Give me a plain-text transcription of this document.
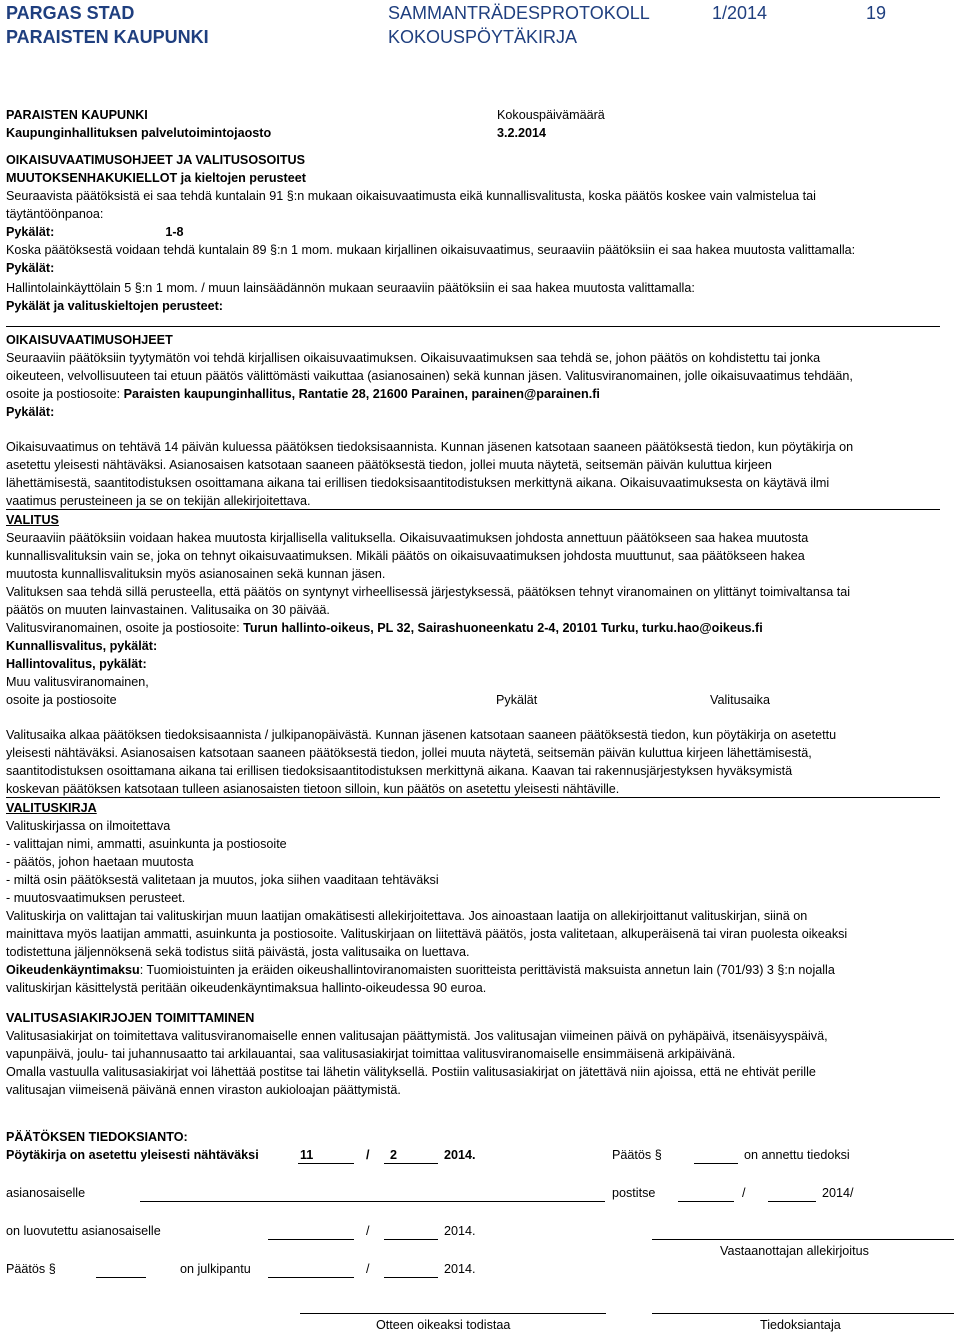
PARGAS STAD
PARAISTEN KAUPUNKI
SAMMANTRÄDESPROTOKOLL
KOKOUSPÖYTÄKIRJA
1/2014	19
PARAISTEN KAUPUNKI
Kaupunginhallituksen palvelutoimintojaosto
Kokouspäivämäärä
3.2.2014
OIKAISUVAATIMUSOHJEET JA VALITUSOSOITUS
MUUTOKSENHAKUKIELLOT ja kieltojen perusteet
Seuraavista päätöksistä ei saa tehdä kuntalain 91 §:n mukaan oikaisuvaatimusta eikä kunnallisvalitusta, koska päätös koskee vain valmistelua tai
täytäntöönpanoa:
Pykälät:	1-8
Koska päätöksestä voidaan tehdä kuntalain 89 §:n 1 mom. mukaan kirjallinen oikaisuvaatimus, seuraaviin päätöksiin ei saa hakea muutosta valittamalla:
Pykälät:
Hallintolainkäyttölain 5 §:n 1 mom. / muun lainsäädännön mukaan seuraaviin päätöksiin ei saa hakea muutosta valittamalla:
Pykälät ja valituskieltojen perusteet:
OIKAISUVAATIMUSOHJEET
Seuraaviin päätöksiin tyytymätön voi tehdä kirjallisen oikaisuvaatimuksen. Oikaisuvaatimuksen saa tehdä se, johon päätös on kohdistettu tai jonka
oikeuteen, velvollisuuteen tai etuun päätös välittömästi vaikuttaa (asianosainen) sekä kunnan jäsen. Valitusviranomainen, jolle oikaisuvaatimus tehdään,
osoite ja postiosoite: Paraisten kaupunginhallitus, Rantatie 28, 21600 Parainen, parainen@parainen.fi
Pykälät:
Oikaisuvaatimus on tehtävä 14 päivän kuluessa päätöksen tiedoksisaannista. Kunnan jäsenen katsotaan saaneen päätöksestä tiedon, kun pöytäkirja on
asetettu yleisesti nähtäväksi. Asianosaisen katsotaan saaneen päätöksestä tiedon, jollei muuta näytetä, seitsemän päivän kuluttua kirjeen
lähettämisestä, saantitodistuksen osoittamana aikana tai erillisen tiedoksisaantitodistuksen merkittynä aikana. Oikaisuvaatimuksesta on käytävä ilmi
vaatimus perusteineen ja se on tekijän allekirjoitettava.
VALITUS
Seuraaviin päätöksiin voidaan hakea muutosta kirjallisella valituksella. Oikaisuvaatimuksen johdosta annettuun päätökseen saa hakea muutosta
kunnallisvalituksin vain se, joka on tehnyt oikaisuvaatimuksen. Mikäli päätös on oikaisuvaatimuksen johdosta muuttunut, saa päätökseen hakea
muutosta kunnallisvalituksin myös asianosainen sekä kunnan jäsen.
Valituksen saa tehdä sillä perusteella, että päätös on syntynyt virheellisessä järjestyksessä, päätöksen tehnyt viranomainen on ylittänyt toimivaltansa tai
päätös on muuten lainvastainen. Valitusaika on 30 päivää.
Valitusviranomainen, osoite ja postiosoite: Turun hallinto-oikeus, PL 32, Sairashuoneenkatu 2-4, 20101 Turku, turku.hao@oikeus.fi
Kunnallisvalitus, pykälät:
Hallintovalitus, pykälät:
Muu valitusviranomainen,
osoite ja postiosoite	Pykälät	Valitusaika
Valitusaika alkaa päätöksen tiedoksisaannista / julkipanopäivästä. Kunnan jäsenen katsotaan saaneen päätöksestä tiedon, kun pöytäkirja on asetettu
yleisesti nähtäväksi. Asianosaisen katsotaan saaneen päätöksestä tiedon, jollei muuta näytetä, seitsemän päivän kuluttua kirjeen lähettämisestä,
saantitodistuksen osoittamana aikana tai erillisen tiedoksisaantitodistuksen merkittynä aikana. Kaavan tai rakennusjärjestyksen hyväksymistä
koskevan päätöksen katsotaan tulleen asianosaisten tietoon silloin, kun päätös on asetettu yleisesti nähtäville.
VALITUSKIRJA
Valituskirjassa on ilmoitettava
- valittajan nimi, ammatti, asuinkunta ja postiosoite
- päätös, johon haetaan muutosta
- miltä osin päätöksestä valitetaan ja muutos, joka siihen vaaditaan tehtäväksi
- muutosvaatimuksen perusteet.
Valituskirja on valittajan tai valituskirjan muun laatijan omakätisesti allekirjoitettava. Jos ainoastaan laatija on allekirjoittanut valituskirjan, siinä on
mainittava myös laatijan ammatti, asuinkunta ja postiosoite. Valituskirjaan on liitettävä päätös, josta valitetaan, alkuperäisenä tai viran puolesta oikeaksi
todistettuna jäljennöksenä sekä todistus siitä päivästä, josta valitusaika on luettava.
Oikeudenkäyntimaksu: Tuomioistuinten ja eräiden oikeushallintoviranomaisten suoritteista perittävistä maksuista annetun lain (701/93) 3 §:n nojalla
valituskirjan käsittelystä peritään oikeudenkäyntimaksua hallinto-oikeudessa 90 euroa.
VALITUSASIAKIRJOJEN TOIMITTAMINEN
Valitusasiakirjat on toimitettava valitusviranomaiselle ennen valitusajan päättymistä. Jos valitusajan viimeinen päivä on pyhäpäivä, itsenäisyyspäivä,
vapunpäivä, joulu- tai juhannusaatto tai arkilauantai, saa valitusasiakirjat toimittaa valitusviranomaiselle ensimmäisenä arkipäivänä.
Omalla vastuulla valitusasiakirjat voi lähettää postitse tai lähetin välityksellä. Postiin valitusasiakirjat on jätettävä niin ajoissa, että ne ehtivät perille
valitusajan viimeisenä päivänä ennen viraston aukioloajan päättymistä.
PÄÄTÖKSEN TIEDOKSIANTO:
Pöytäkirja on asetettu yleisesti nähtäväksi	11	/ 2	2014.	Päätös §	on annettu tiedoksi
asianosaiselle	postitse	/	2014/
on luovutettu asianosaiselle	/	2014.
Vastaanottajan allekirjoitus
Päätös §	on julkipantu	/	2014.
Otteen oikeaksi todistaa	Tiedoksiantaja
